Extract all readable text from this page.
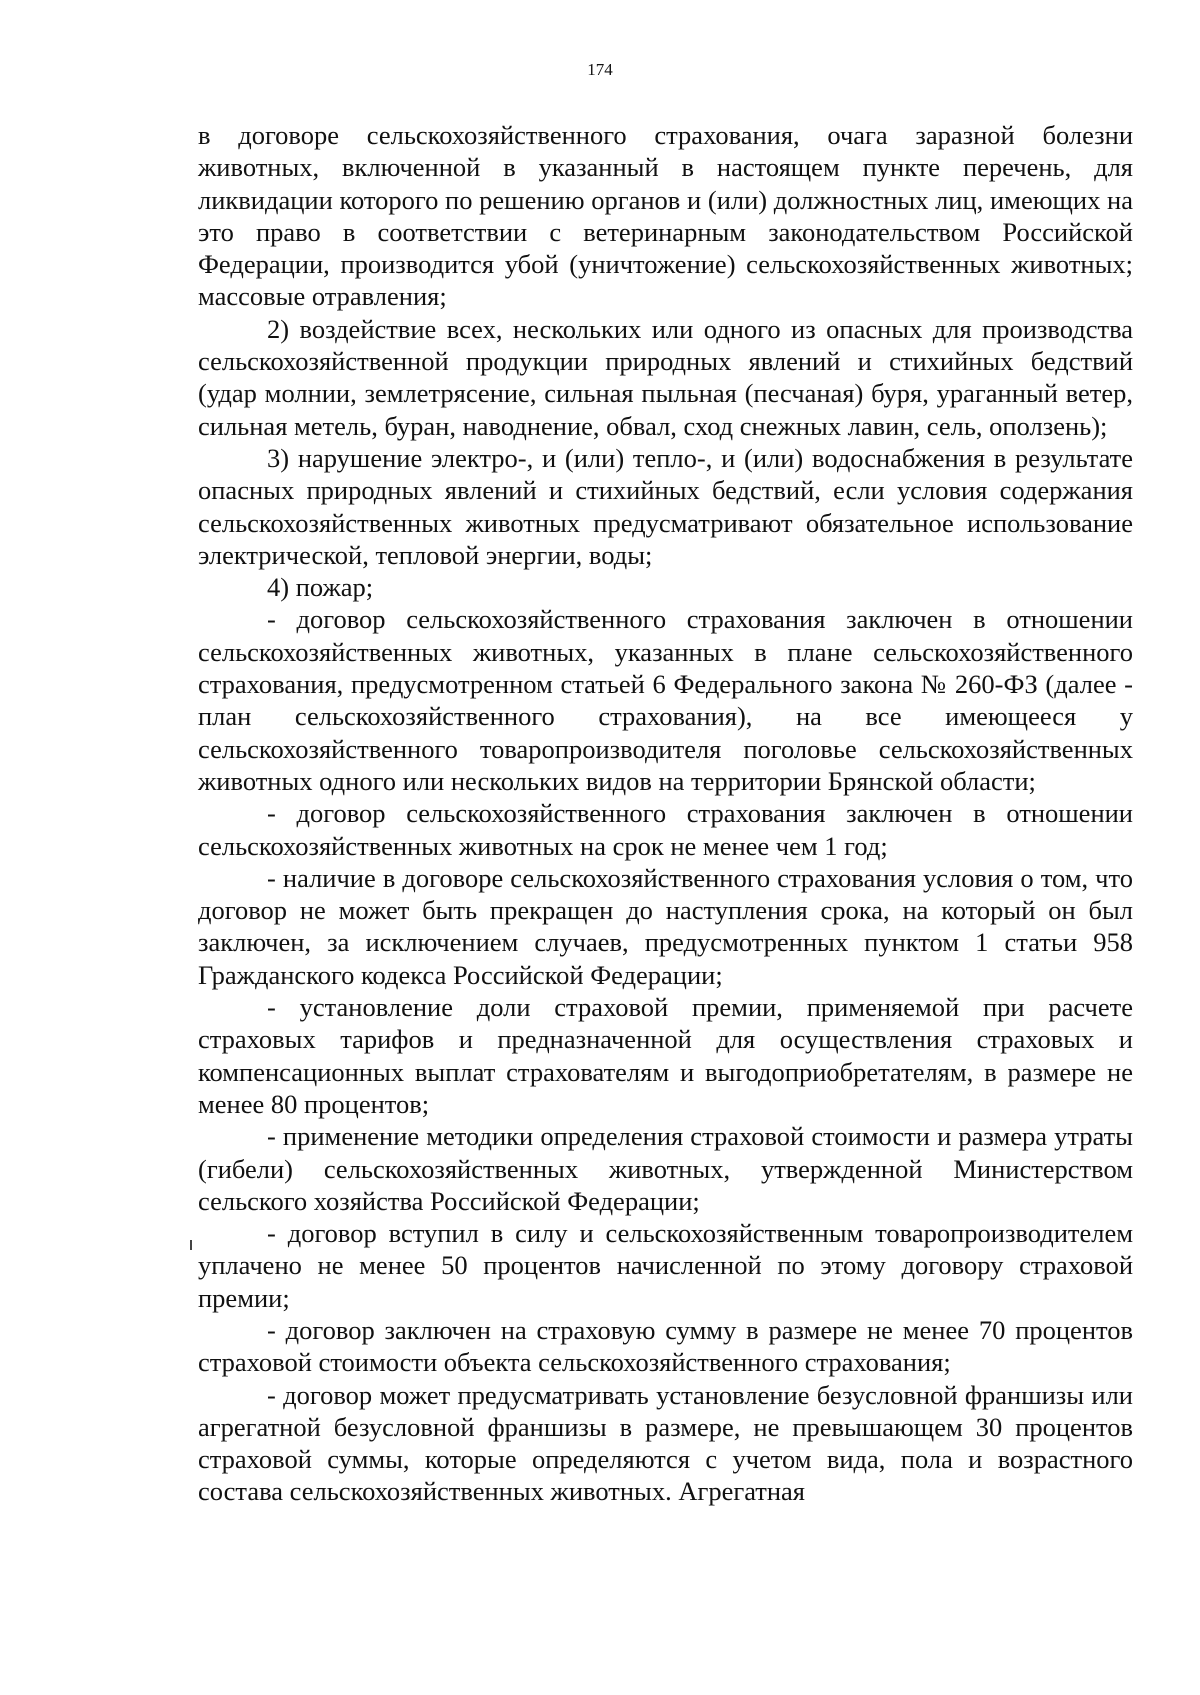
174

в договоре сельскохозяйственного страхования, очага заразной болезни животных, включенной в указанный в настоящем пункте перечень, для ликвидации которого по решению органов и (или) должностных лиц, имеющих на это право в соответствии с ветеринарным законодательством Российской Федерации, производится убой (уничтожение) сельскохозяйственных животных; массовые отравления;

2) воздействие всех, нескольких или одного из опасных для производства сельскохозяйственной продукции природных явлений и стихийных бедствий (удар молнии, землетрясение, сильная пыльная (песчаная) буря, ураганный ветер, сильная метель, буран, наводнение, обвал, сход снежных лавин, сель, оползень);

3) нарушение электро-, и (или) тепло-, и (или) водоснабжения в результате опасных природных явлений и стихийных бедствий, если условия содержания сельскохозяйственных животных предусматривают обязательное использование электрической, тепловой энергии, воды;

4) пожар;

- договор сельскохозяйственного страхования заключен в отношении сельскохозяйственных животных, указанных в плане сельскохозяйственного страхования, предусмотренном статьей 6 Федерального закона № 260-ФЗ (далее - план сельскохозяйственного страхования), на все имеющееся у сельскохозяйственного товаропроизводителя поголовье сельскохозяйственных животных одного или нескольких видов на территории Брянской области;

- договор сельскохозяйственного страхования заключен в отношении сельскохозяйственных животных на срок не менее чем 1 год;

- наличие в договоре сельскохозяйственного страхования условия о том, что договор не может быть прекращен до наступления срока, на который он был заключен, за исключением случаев, предусмотренных пунктом 1 статьи 958 Гражданского кодекса Российской Федерации;

- установление доли страховой премии, применяемой при расчете страховых тарифов и предназначенной для осуществления страховых и компенсационных выплат страхователям и выгодоприобретателям, в размере не менее 80 процентов;

- применение методики определения страховой стоимости и размера утраты (гибели) сельскохозяйственных животных, утвержденной Министерством сельского хозяйства Российской Федерации;

- договор вступил в силу и сельскохозяйственным товаропроизводителем уплачено не менее 50 процентов начисленной по этому договору страховой премии;

- договор заключен на страховую сумму в размере не менее 70 процентов страховой стоимости объекта сельскохозяйственного страхования;

- договор может предусматривать установление безусловной франшизы или агрегатной безусловной франшизы в размере, не превышающем 30 процентов страховой суммы, которые определяются с учетом вида, пола и возрастного состава сельскохозяйственных животных. Агрегатная
